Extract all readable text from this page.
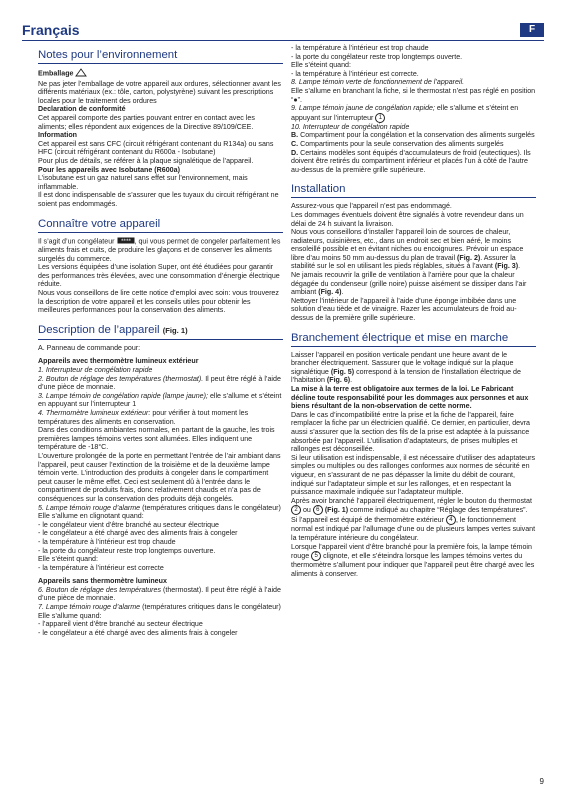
Français	F
Notes pour l’environnement

Emballage

Ne pas jeter l’emballage de votre appareil aux ordures, sélectionner avant les différents matériaux (ex.: tôle, carton, polystyrène) suivant les prescriptions locales pour le traitement des ordures

Declaration de conformité

Cet appareil comporte des parties pouvant entrer en contact avec les aliments; elles répondent aux exigences de la Directive 89/109/CEE.

Information

Cet appareil est sans CFC (circuit réfrigérant contenant du R134a) ou sans HFC (circuit réfrigérant contenant du R600a - Isobutane)

Pour plus de détails, se référer à la plaque signalétique de l’appareil.

Pour les appareils avec Isobutane (R600a)

L’isobutane est un gaz naturel sans effet sur l’environnement, mais inflammable.

Il est donc indispensable de s’assurer que les tuyaux du circuit réfrigérant ne soient pas endommagés.

Connaître votre appareil

Il s’agit d’un congélateur **** , qui vous permet de congeler parfaitement les aliments frais et cuits, de produire les glaçons et de conserver les aliments surgelés du commerce.

Les versions équipées d’une isolation Super, ont été étudiées pour garantir des performances très élevées, avec une consommation d’énergie électrique réduite.

Nous vous conseillons de lire cette notice d’emploi avec soin: vous trouverez la description de votre appareil et les conseils utiles pour obtenir les meilleures performances pour la conservation des aliments.

Description de l’appareil (Fig. 1)

A. Panneau de commande pour:

Appareils avec thermomètre lumineux extérieur

1. Interrupteur de congélation rapide

2. Bouton de réglage des températures (thermostat). Il peut être réglé à l’aide d’une pièce de monnaie.

3. Lampe témoin de congélation rapide (lampe jaune); elle s’allume et s’éteint en appuyant sur l’interrupteur 1

4. Thermomètre lumineux extérieur: pour vérifier à tout moment les températures des aliments en conservation.

Dans des conditions ambiantes normales, en partant de la gauche, les trois premières lampes témoins vertes sont allumées. Elles indiquent une température de -18°C.

L’ouverture prolongée de la porte en permettant l’entrée de l’air ambiant dans l’appareil, peut causer l’extinction de la troisième et de la deuxième lampe témoin verte. L’introduction des produits à congeler dans le compartiment peut causer le même effet. Ceci est seulement dû à l’entrée dans le compartiment de produits frais, donc relativement chauds et n’a pas de conséquences sur la conservation des produits déjà congelés.

5. Lampe témoin rouge d’alarme (températures critiques dans le congélateur)

Elle s’allume en clignotant quand:

- le congélateur vient d’être branché au secteur électrique

- le congélateur a été chargé avec des aliments frais à congeler

- la température à l’intérieur est trop chaude

- la porte du congélateur reste trop longtemps ouverture.

Elle s’éteint quand:

- la température à l’intérieur est correcte

Appareils sans thermomètre lumineux

6. Bouton de réglage des températures (thermostat). Il peut être réglé à l’aide d’une pièce de monnaie.

7. Lampe témoin rouge d’alarme (températures critiques dans le congélateur)

Elle s’allume quand:

- l’appareil vient d’être branché au secteur électrique

- le congélateur a été chargé avec des aliments frais à congeler

- la température à l’intérieur est trop chaude

- la porte du congélateur reste trop longtemps ouverte.

Elle s’éteint quand:

- la température à l’intérieur est correcte.

8. Lampe témoin verte de fonctionnement de l’appareil.

Elle s’allume en branchant la fiche, si le thermostat n’est pas réglé en position “●”.

9. Lampe témoin jaune de congélation rapide; elle s’allume et s’éteint en appuyant sur l’interrupteur 1

10. Interrupteur de congélation rapide

B. Compartiment pour la congélation et la conservation des aliments surgelés

C. Compartiments pour la seule conservation des aliments surgelés

D. Certains modèles sont équipés d’accumulateurs de froid (eutectiques). Ils doivent être retirés du compartiment inférieur et placés l’un à côté de l’autre au-dessus de la première grille supérieure.

Installation

Assurez-vous que l’appareil n’est pas endommagé.

Les dommages éventuels doivent être signalés à votre revendeur dans un délai de 24 h suivant la livraison.

Nous vous conseillons d’installer l’appareil loin de sources de chaleur, radiateurs, cuisinières, etc., dans un endroit sec et bien aéré, le moins ensoleillé possible et en évitant niches ou encoignures. Prévoir un espace libre d’au moins 50 mm au-dessus du plan de travail (Fig. 2). Assurer la stabilité sur le sol en utilisant les pieds réglables, situés à l’avant (Fig. 3).

Ne jamais recouvrir la grille de ventilation à l’arrière pour que la chaleur dégagée du condenseur (grille noire) puisse aisément se dissiper dans l’air ambiant (Fig. 4).

Nettoyer l’intérieur de l’appareil à l’aide d’une éponge imbibée dans une solution d’eau tiède et de vinaigre. Razer les accumulateurs de froid au-dessus de la première grille supérieure.

Branchement électrique et mise en marche

Laisser l’appareil en position verticale pendant une heure avant de le brancher électriquement. Sassurer que le voltage indiqué sur la plaque signalétique (Fig. 5) correspond à la tension de l’installation électrique de l’habitation (Fig. 6).

La mise à la terre est obligatoire aux termes de la loi. Le Fabricant décline toute responsabilité pour les dommages aux personnes et aux biens résultant de la non-observation de cette norme.

Dans le cas d’incompatibilité entre la prise et la fiche de l’appareil, faire remplacer la fiche par un électricien qualifié. Ce dernier, en particulier, devra aussi s’assurer que la section des fils de la prise est adaptée à la puissance absorbée par l’appareil. L’utilisation d’adaptateurs, de prises multiples et rallonges est déconseillée.

Si leur utilisation est indispensable, il est nécessaire d’utiliser des adaptateurs simples ou multiples ou des rallonges conformes aux normes de sécurité en vigueur, en s’assurant de ne pas dépasser la limite du débit de courant, indiqué sur l’adaptateur simple et sur les rallonges, et en respectant la puissance maximale indiquée sur l’adaptateur multiple.

Après avoir branché l’appareil électriquement, régler le bouton du thermostat 2 ou 6 (Fig. 1) comme indiqué au chapitre “Réglage des températures”.

Si l’appareil est équipé de thermomètre extérieur 4 , le fonctionnement normal est indiqué par l’allumage d’une ou de plusieurs lampes vertes suivant la température intérieure du congélateur.

Lorsque l’appareil vient d’être branché pour la première fois, la lampe témoin rouge 5 clignote, et elle s’éteindra lorsque les lampes témoins vertes du thermomètre s’allument pour indiquer que l’appareil peut être chargé avec les aliments à conserver.

9
